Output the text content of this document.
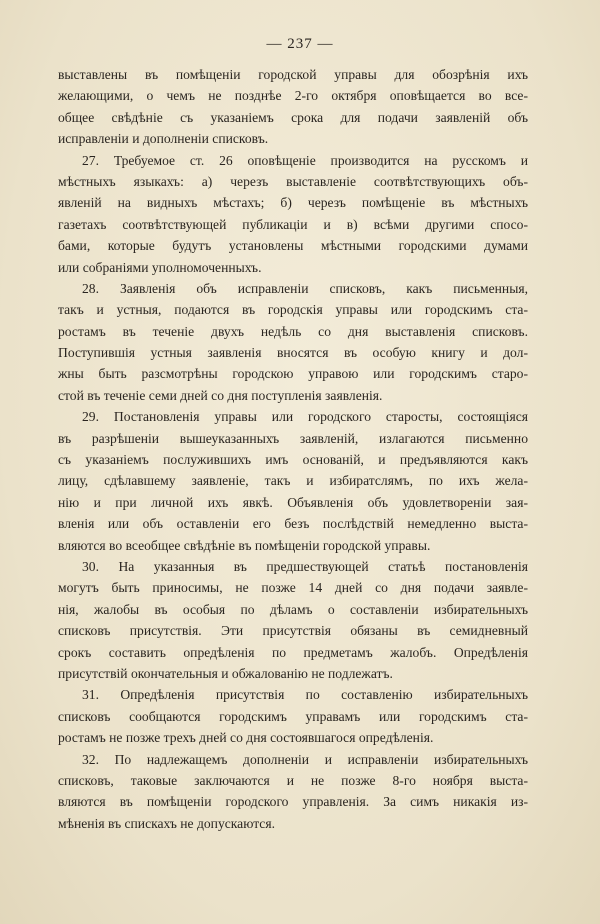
— 237 —
выставлены въ помѣщеніи городской управы для обозрѣнія ихъ
желающими, о чемъ не позднѣе 2-го октября оповѣщается во все-
общее свѣдѣніе съ указаніемъ срока для подачи заявленій объ
исправленіи и дополненіи списковъ.
27. Требуемое ст. 26 оповѣщеніе производится на русскомъ и
мѣстныхъ языкахъ: а) черезъ выставленіе соотвѣтствующихъ объ-
явленій на видныхъ мѣстахъ; б) черезъ помѣщеніе въ мѣстныхъ
газетахъ соотвѣтствующей публикаціи и в) всѣми другими спосо-
бами, которые будутъ установлены мѣстными городскими думами
или собраніями уполномоченныхъ.
28. Заявленія объ исправленіи списковъ, какъ письменныя,
такъ и устныя, подаются въ городскія управы или городскимъ ста-
ростамъ въ теченіе двухъ недѣль со дня выставленія списковъ.
Поступившія устныя заявленія вносятся въ особую книгу и дол-
жны быть разсмотрѣны городскою управою или городскимъ старо-
стой въ теченіе семи дней со дня поступленія заявленія.
29. Постановленія управы или городского старосты, состоящіяся
въ разрѣшеніи вышеуказанныхъ заявленій, излагаются письменно
съ указаніемъ послужившихъ имъ основаній, и предъявляются какъ
лицу, сдѣлавшему заявленіе, такъ и избиратслямъ, по ихъ жела-
нію и при личной ихъ явкѣ. Объявленія объ удовлетвореніи зая-
вленія или объ оставленіи его безъ послѣдствій немедленно выста-
вляются во всеобщее свѣдѣніе въ помѣщеніи городской управы.
30. На указанныя въ предшествующей статьѣ постановленія
могутъ быть приносимы, не позже 14 дней со дня подачи заявле-
нія, жалобы въ особыя по дѣламъ о составленіи избирательныхъ
списковъ присутствія. Эти присутствія обязаны въ семидневный
срокъ составить опредѣленія по предметамъ жалобъ. Опредѣленія
присутствій окончательныя и обжалованію не подлежатъ.
31. Опредѣленія присутствія по составленію избирательныхъ
списковъ сообщаются городскимъ управамъ или городскимъ ста-
ростамъ не позже трехъ дней со дня состоявшагося опредѣленія.
32. По надлежащемъ дополненіи и исправленіи избирательныхъ
списковъ, таковые заключаются и не позже 8-го ноября выста-
вляются въ помѣщеніи городского управленія. За симъ никакія из-
мѣненія въ спискахъ не допускаются.
